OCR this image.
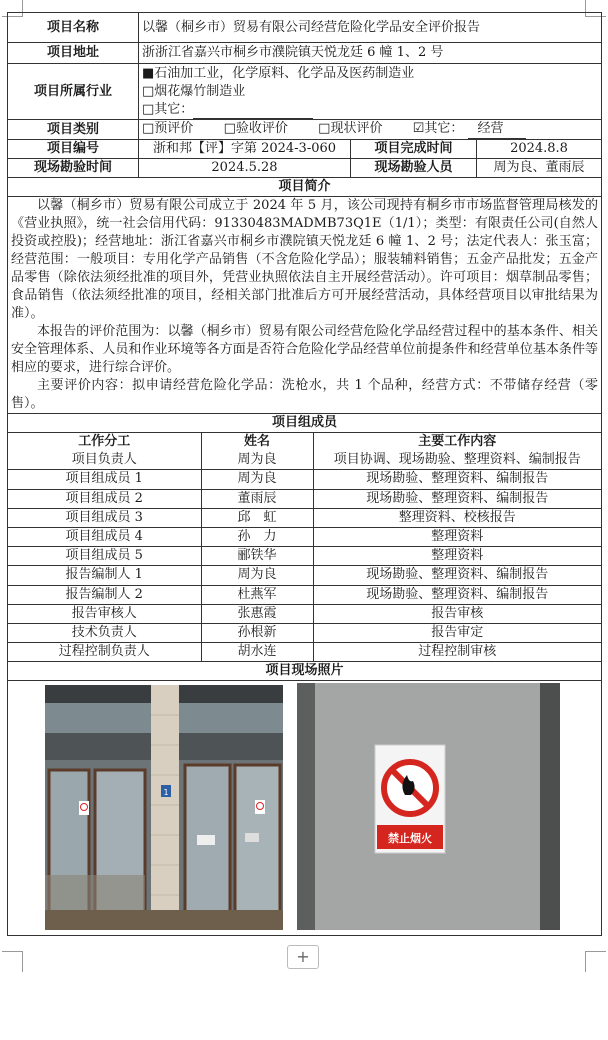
项目名称	以馨（桐乡市）贸易有限公司经营危险化学品安全评价报告
项目地址	浙浙江省嘉兴市桐乡市濮院镇天悦龙廷 6 幢 1、2 号
项目所属行业	
■石油加工业，化学原料、化学品及医药制造业
□烟花爆竹制造业
□其它：

项目类别	□预评价 □验收评价 □现状评价 ☑其它： 经营
项目编号	浙和邦【评】字第 2024-3-060	项目完成时间	2024.8.8
现场勘验时间	2024.5.28	现场勘验人员	周为良、董雨辰
项目简介

以馨（桐乡市）贸易有限公司成立于 2024 年 5 月，该公司现持有桐乡市市场监督管理局核发的《营业执照》，统一社会信用代码：91330483MADMB73Q1E（1/1）；类型：有限责任公司(自然人投资或控股)；经营地址：浙江省嘉兴市桐乡市濮院镇天悦龙廷 6 幢 1、2 号；法定代表人：张玉富；经营范围：一般项目：专用化学产品销售（不含危险化学品）；服装辅料销售；五金产品批发；五金产品零售（除依法须经批准的项目外，凭营业执照依法自主开展经营活动）。许可项目：烟草制品零售；食品销售（依法须经批准的项目，经相关部门批准后方可开展经营活动，具体经营项目以审批结果为准）。

本报告的评价范围为：以馨（桐乡市）贸易有限公司经营危险化学品经营过程中的基本条件、相关安全管理体系、人员和作业环境等各方面是否符合危险化学品经营单位前提条件和经营单位基本条件等相应的要求，进行综合评价。

主要评价内容：拟申请经营危险化学品：洗枪水，共 1 个品种，经营方式：不带储存经营（零售）。

项目组成员

工作分工	姓名	主要工作内容
项目负责人	周为良	项目协调、现场勘验、整理资料、编制报告
项目组成员 1	周为良	现场勘验、整理资料、编制报告
项目组成员 2	董雨辰	现场勘验、整理资料、编制报告
项目组成员 3	邱　虹	整理资料、校核报告
项目组成员 4	孙　力	整理资料
项目组成员 5	郦铁华	整理资料
报告编制人 1	周为良	现场勘验、整理资料、编制报告
报告编制人 2	杜燕军	现场勘验、整理资料、编制报告
报告审核人	张惠霞	报告审核
技术负责人	孙根新	报告审定
过程控制负责人	胡水连	过程控制审核

项目现场照片

1
禁止烟火
+
